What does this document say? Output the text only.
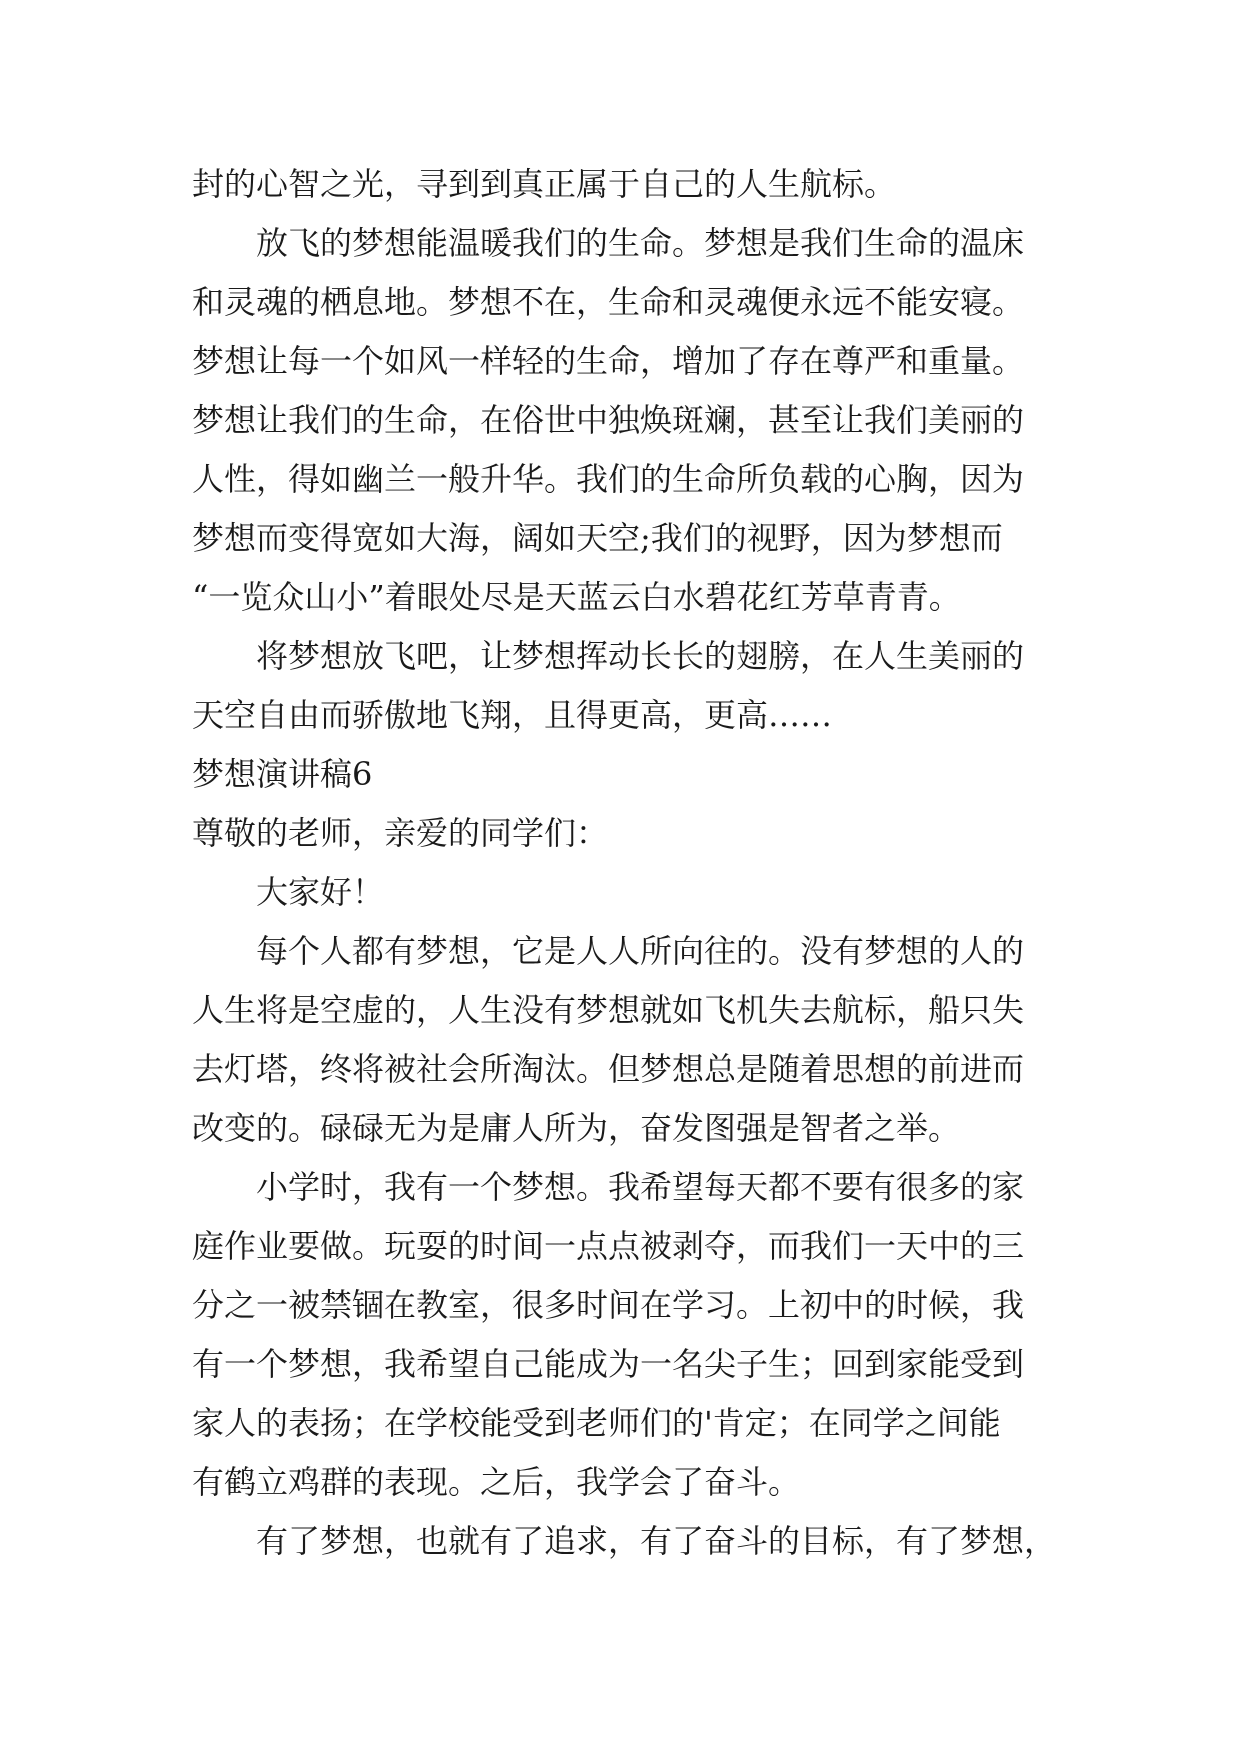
封的心智之光，寻到到真正属于自己的人生航标。
放飞的梦想能温暖我们的生命。梦想是我们生命的温床
和灵魂的栖息地。梦想不在，生命和灵魂便永远不能安寝。
梦想让每一个如风一样轻的生命，增加了存在尊严和重量。
梦想让我们的生命，在俗世中独焕斑斓，甚至让我们美丽的
人性，得如幽兰一般升华。我们的生命所负载的心胸，因为
梦想而变得宽如大海，阔如天空;我们的视野，因为梦想而
“一览众山小”着眼处尽是天蓝云白水碧花红芳草青青。
将梦想放飞吧，让梦想挥动长长的翅膀，在人生美丽的
天空自由而骄傲地飞翔，且得更高，更高……
梦想演讲稿6
尊敬的老师，亲爱的同学们：
大家好！
每个人都有梦想，它是人人所向往的。没有梦想的人的
人生将是空虚的，人生没有梦想就如飞机失去航标，船只失
去灯塔，终将被社会所淘汰。但梦想总是随着思想的前进而
改变的。碌碌无为是庸人所为，奋发图强是智者之举。
小学时，我有一个梦想。我希望每天都不要有很多的家
庭作业要做。玩耍的时间一点点被剥夺，而我们一天中的三
分之一被禁锢在教室，很多时间在学习。上初中的时候，我
有一个梦想，我希望自己能成为一名尖子生；回到家能受到
家人的表扬；在学校能受到老师们的'肯定；在同学之间能
有鹤立鸡群的表现。之后，我学会了奋斗。
有了梦想，也就有了追求，有了奋斗的目标，有了梦想，
